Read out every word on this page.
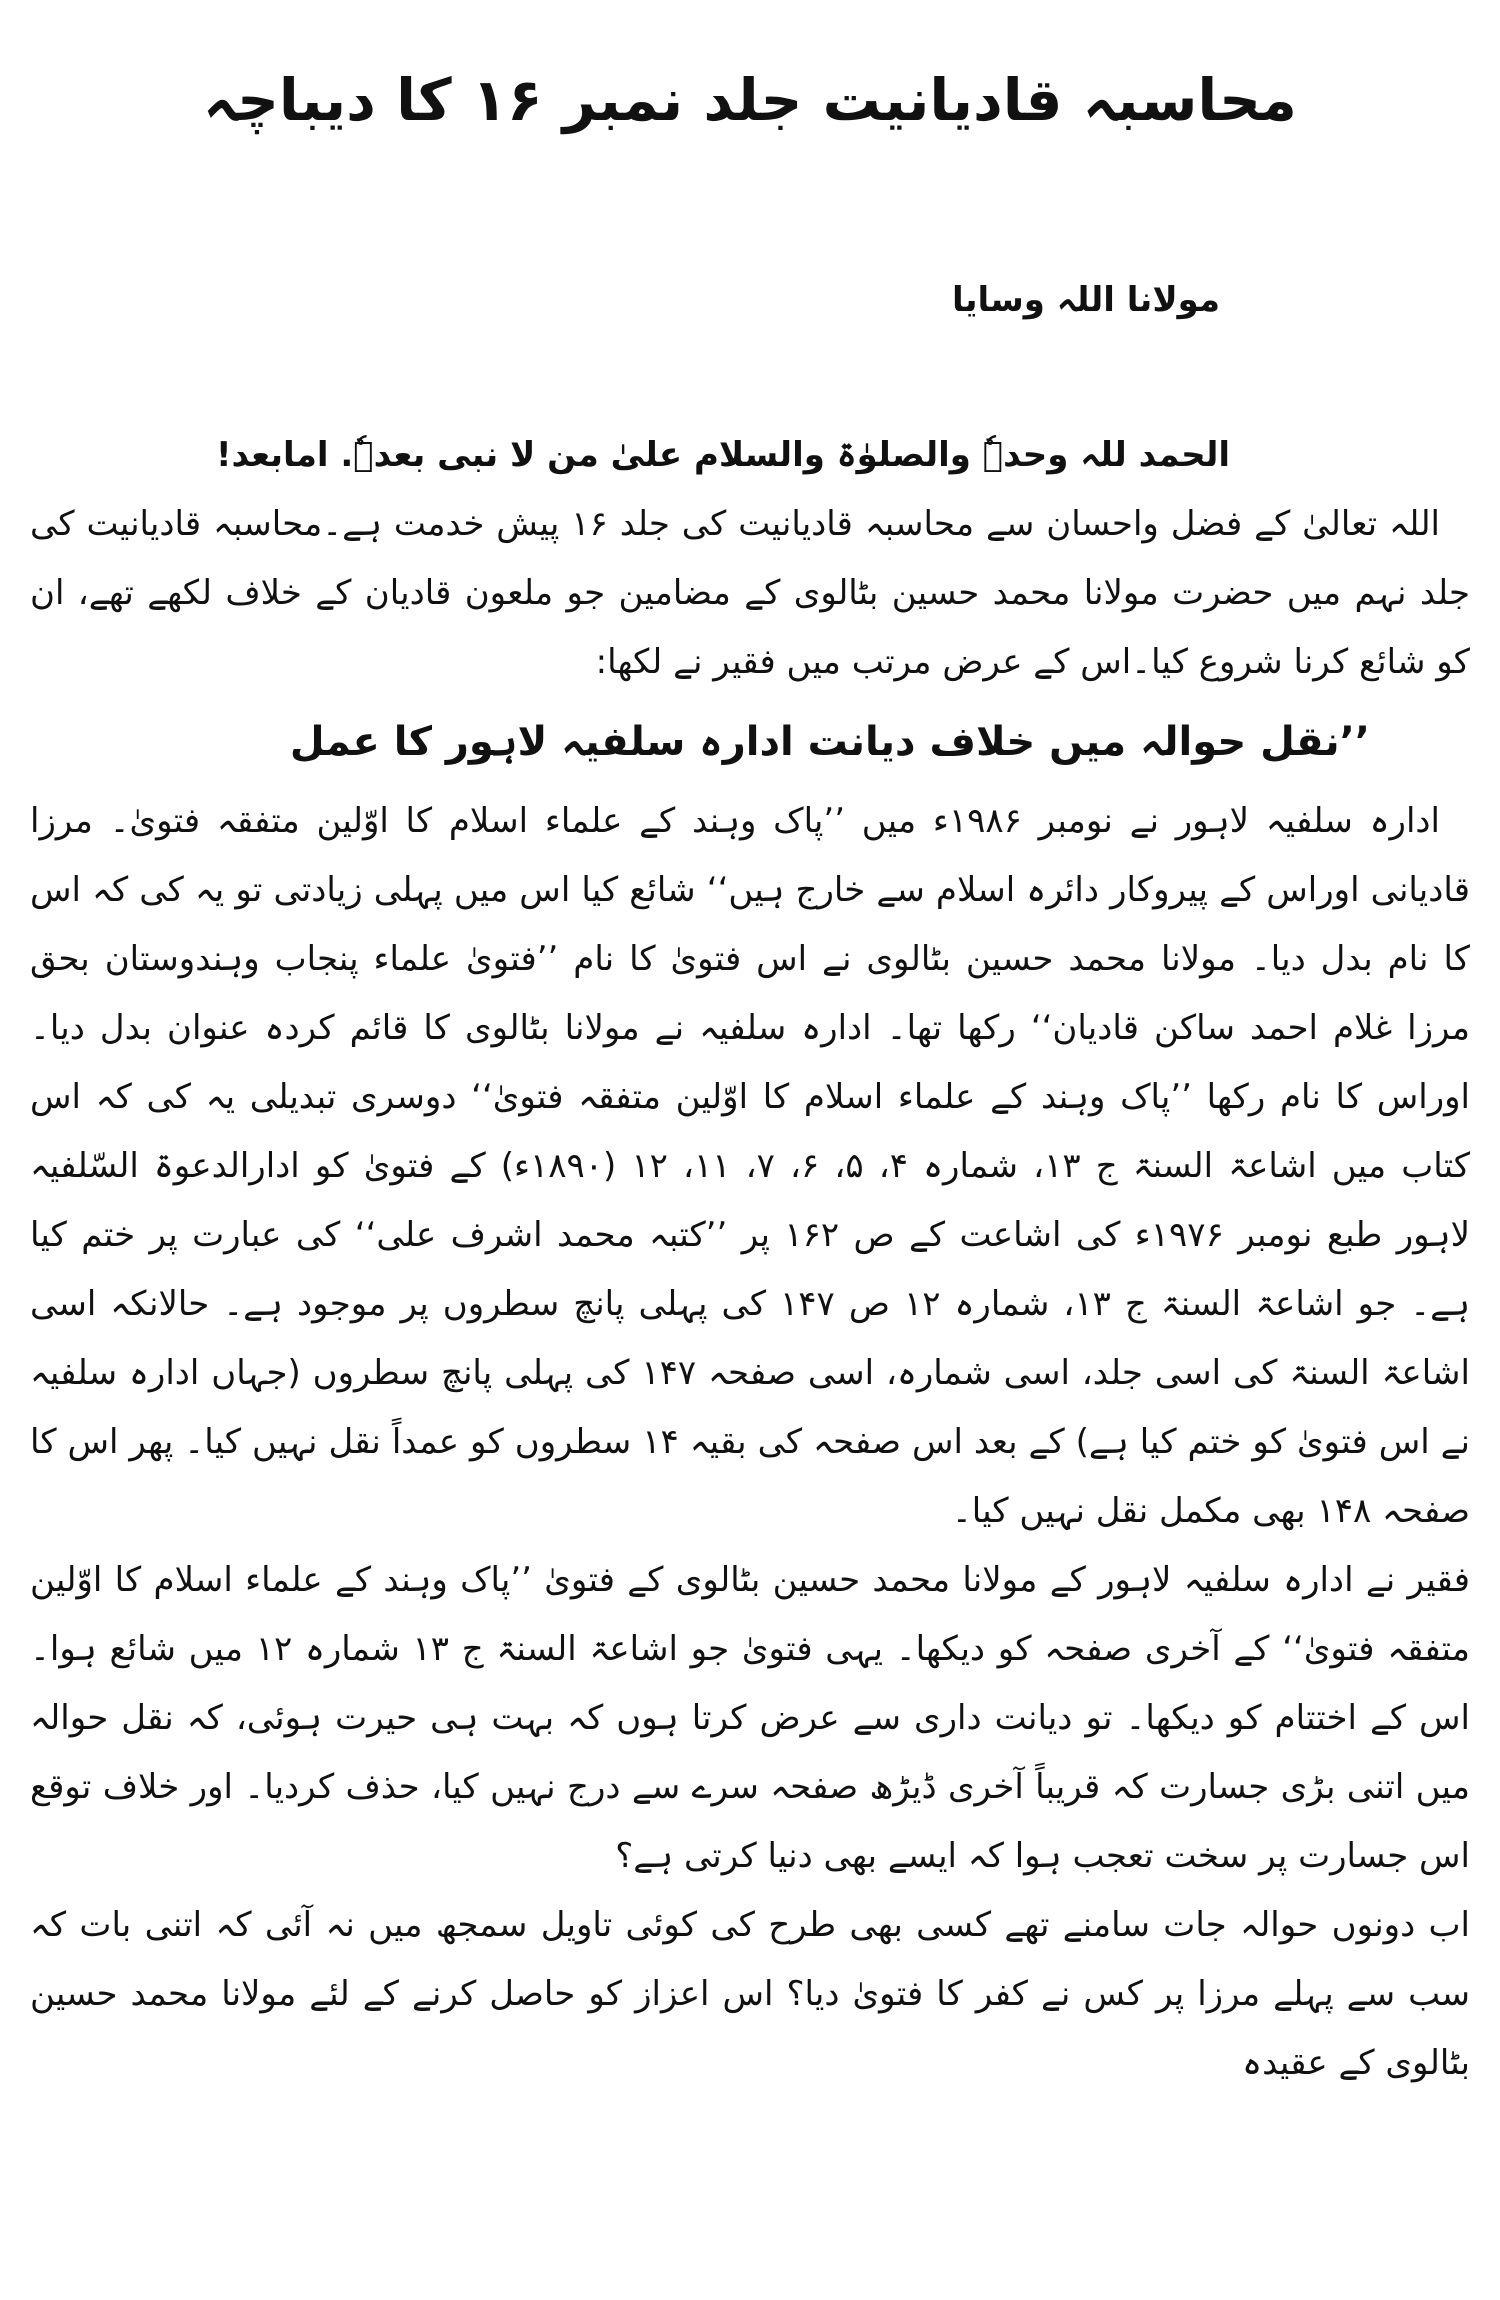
محاسبہ قادیانیت جلد نمبر ۱۶ کا دیباچہ
مولانا اللہ وسایا
الحمد للہ وحدہٗ والصلوٰۃ والسلام علیٰ من لا نبی بعدہٗ. امابعد!

اللہ تعالیٰ کے فضل واحسان سے محاسبہ قادیانیت کی جلد ۱۶ پیش خدمت ہے۔محاسبہ قادیانیت کی جلد نہم میں حضرت مولانا محمد حسین بٹالوی کے مضامین جو ملعون قادیان کے خلاف لکھے تھے، ان کو شائع کرنا شروع کیا۔اس کے عرض مرتب میں فقیر نے لکھا:

’’نقل حوالہ میں خلاف دیانت ادارہ سلفیہ لاہور کا عمل

ادارہ سلفیہ لاہور نے نومبر ۱۹۸۶ء میں ’’پاک وہند کے علماء اسلام کا اوّلین متفقہ فتویٰ۔ مرزا قادیانی اوراس کے پیروکار دائرہ اسلام سے خارج ہیں‘‘ شائع کیا اس میں پہلی زیادتی تو یہ کی کہ اس کا نام بدل دیا۔ مولانا محمد حسین بٹالوی نے اس فتویٰ کا نام ’’فتویٰ علماء پنجاب وہندوستان بحق مرزا غلام احمد ساکن قادیان‘‘ رکھا تھا۔ ادارہ سلفیہ نے مولانا بٹالوی کا قائم کردہ عنوان بدل دیا۔ اوراس کا نام رکھا ’’پاک وہند کے علماء اسلام کا اوّلین متفقہ فتویٰ‘‘ دوسری تبدیلی یہ کی کہ اس کتاب میں اشاعۃ السنۃ ج ۱۳، شمارہ ۴، ۵، ۶، ۷، ۱۱، ۱۲ (۱۸۹۰ء) کے فتویٰ کو ادارالدعوۃ السّلفیہ لاہور طبع نومبر ۱۹۷۶ء کی اشاعت کے ص ۱۶۲ پر ’’کتبہ محمد اشرف علی‘‘ کی عبارت پر ختم کیا ہے۔ جو اشاعۃ السنۃ ج ۱۳، شمارہ ۱۲ ص ۱۴۷ کی پہلی پانچ سطروں پر موجود ہے۔ حالانکہ اسی اشاعۃ السنۃ کی اسی جلد، اسی شمارہ، اسی صفحہ ۱۴۷ کی پہلی پانچ سطروں (جہاں ادارہ سلفیہ نے اس فتویٰ کو ختم کیا ہے) کے بعد اس صفحہ کی بقیہ ۱۴ سطروں کو عمداً نقل نہیں کیا۔ پھر اس کا صفحہ ۱۴۸ بھی مکمل نقل نہیں کیا۔

فقیر نے ادارہ سلفیہ لاہور کے مولانا محمد حسین بٹالوی کے فتویٰ ’’پاک وہند کے علماء اسلام کا اوّلین متفقہ فتویٰ‘‘ کے آخری صفحہ کو دیکھا۔ یہی فتویٰ جو اشاعۃ السنۃ ج ۱۳ شمارہ ۱۲ میں شائع ہوا۔ اس کے اختتام کو دیکھا۔ تو دیانت داری سے عرض کرتا ہوں کہ بہت ہی حیرت ہوئی، کہ نقل حوالہ میں اتنی بڑی جسارت کہ قریباً آخری ڈیڑھ صفحہ سرے سے درج نہیں کیا، حذف کردیا۔ اور خلاف توقع اس جسارت پر سخت تعجب ہوا کہ ایسے بھی دنیا کرتی ہے؟

اب دونوں حوالہ جات سامنے تھے کسی بھی طرح کی کوئی تاویل سمجھ میں نہ آئی کہ اتنی بات کہ سب سے پہلے مرزا پر کس نے کفر کا فتویٰ دیا؟ اس اعزاز کو حاصل کرنے کے لئے مولانا محمد حسین بٹالوی کے عقیدہ
